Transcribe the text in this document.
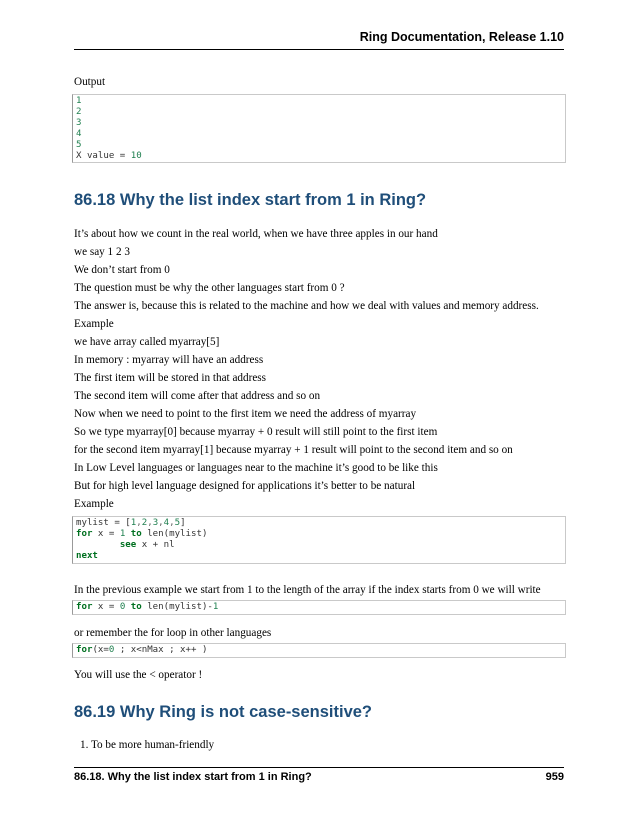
Ring Documentation, Release 1.10
Output
1
2
3
4
5
X value = 10
86.18 Why the list index start from 1 in Ring?
It’s about how we count in the real world, when we have three apples in our hand
we say 1 2 3
We don’t start from 0
The question must be why the other languages start from 0 ?
The answer is, because this is related to the machine and how we deal with values and memory address.
Example
we have array called myarray[5]
In memory : myarray will have an address
The first item will be stored in that address
The second item will come after that address and so on
Now when we need to point to the first item we need the address of myarray
So we type myarray[0] because myarray + 0 result will still point to the first item
for the second item myarray[1] because myarray + 1 result will point to the second item and so on
In Low Level languages or languages near to the machine it’s good to be like this
But for high level language designed for applications it’s better to be natural
Example
mylist = [1,2,3,4,5]
for x = 1 to len(mylist)
see x + nl
next
In the previous example we start from 1 to the length of the array if the index starts from 0 we will write
for x = 0 to len(mylist)-1
or remember the for loop in other languages
for(x=0 ; x<nMax ; x++ )
You will use the < operator !
86.19 Why Ring is not case-sensitive?
1. To be more human-friendly
86.18. Why the list index start from 1 in Ring?	959
